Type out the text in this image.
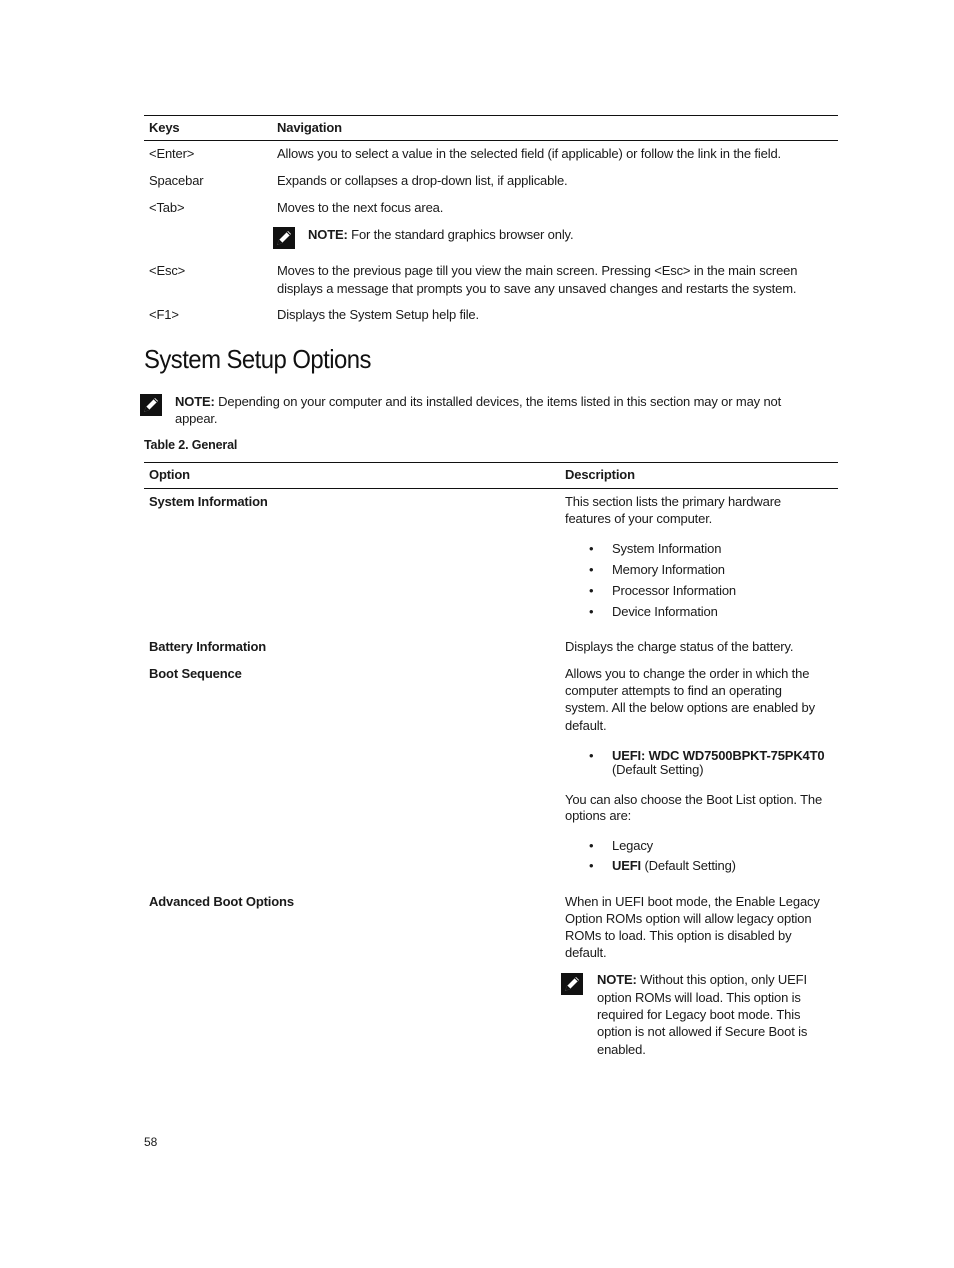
Keys	Navigation
<Enter>	Allows you to select a value in the selected field (if applicable) or follow the link in the field.
Spacebar	Expands or collapses a drop-down list, if applicable.
<Tab>	Moves to the next focus area.
NOTE: For the standard graphics browser only.
<Esc>	Moves to the previous page till you view the main screen. Pressing <Esc> in the main screen
displays a message that prompts you to save any unsaved changes and restarts the system.
<F1>	Displays the System Setup help file.
System Setup Options
NOTE: Depending on your computer and its installed devices, the items listed in this section may or may not
appear.
Table 2. General
Option	Description
System Information	This section lists the primary hardware
features of your computer.
• System Information
• Memory Information
• Processor Information
• Device Information
Battery Information	Displays the charge status of the battery.
Boot Sequence	Allows you to change the order in which the
computer attempts to find an operating
system. All the below options are enabled by
default.
• UEFI: WDC WD7500BPKT-75PK4T0
(Default Setting)
You can also choose the Boot List option. The
options are:
• Legacy
• UEFI (Default Setting)
Advanced Boot Options	When in UEFI boot mode, the Enable Legacy
Option ROMs option will allow legacy option
ROMs to load. This option is disabled by
default.
NOTE: Without this option, only UEFI
option ROMs will load. This option is
required for Legacy boot mode. This
option is not allowed if Secure Boot is
enabled.
58
